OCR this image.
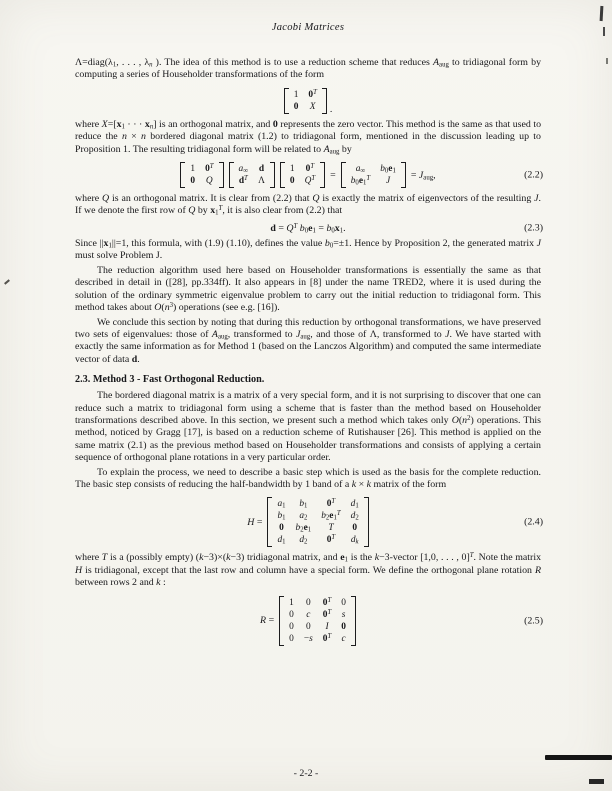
Jacobi Matrices

$\Lambda=diag(\lambda_1$, . . . , $\lambda_n$ ). The idea of this method is to use a reduction scheme that reduces $A_{aug}$ to tridiagonal form by computing a series of Householder transformations of the form

1 $0^T$
0 X .

where $X=[x_1$ · · · $x_n$] is an orthogonal matrix, and 0 represents the zero vector. This method is the same as that used to reduce the n × n bordered diagonal matrix (1.2) to tridiagonal form, mentioned in the discussion leading up to Proposition 1. The resulting tridiagonal form will be related to $A_{aug}$ by

1 $0^T$
0 Q
$a_\infty$ d
$d^T$ Λ
1 $0^T$
0 $Q^T$ =
$a_\infty$ $b_0e_1$
$b_0e_1^T$ J
= $J_{aug}$,	(2.2)

where Q is an orthogonal matrix. It is clear from (2.2) that Q is exactly the matrix of eigenvectors of the resulting J. If we denote the first row of Q by $x_1^T$, it is also clear from (2.2) that

$d = Q^T$ $b_0e_1 = b_0x_1$.	(2.3)

Since $||x_1||=1$, this formula, with (1.9) (1.10), defines the value $b_0=\pm 1$. Hence by Proposition 2, the generated matrix J must solve Problem J.

The reduction algorithm used here based on Householder transformations is essentially the same as that described in detail in ([28], pp.334ff). It also appears in [8] under the name TRED2, where it is used during the solution of the ordinary symmetric eigenvalue problem to carry out the initial reduction to tridiagonal form. This method takes about $O(n^3)$ operations (see e.g. [16]).

We conclude this section by noting that during this reduction by orthogonal transformations, we have preserved two sets of eigenvalues: those of $A_{aug}$, transformed to $J_{aug}$, and those of Λ, transformed to J. We have started with exactly the same information as for Method 1 (based on the Lanczos Algorithm) and computed the same intermediate vector of data d.

2.3. Method 3 - Fast Orthogonal Reduction.

The bordered diagonal matrix is a matrix of a very special form, and it is not surprising to discover that one can reduce such a matrix to tridiagonal form using a scheme that is faster than the method based on Householder transformations described above. In this section, we present such a method which takes only $O(n^2)$ operations. This method, noticed by Gragg [17], is based on a reduction scheme of Rutishauser [26]. This method is applied on the same matrix (2.1) as the previous method based on Householder transformations and consists of applying a certain sequence of orthogonal plane rotations in a very particular order.

To explain the process, we need to describe a basic step which is used as the basis for the complete reduction. The basic step consists of reducing the half-bandwidth by 1 band of a k × k matrix of the form

H =
$a_1$ $b_1$ $0^T$ $d_1$
$b_1$ $a_2$ $b_2e_1^T$ $d_2$
0 $b_2e_1$ T 0
$d_1$ $d_2$ $0^T$ $d_k$
(2.4)

where T is a (possibly empty) (k−3)×(k−3) tridiagonal matrix, and $e_1$ is the k−3-vector [1,0, . . . , 0]$^T$. Note the matrix H is tridiagonal, except that the last row and column have a special form. We define the orthogonal plane rotation R between rows 2 and k :

R =
1 0 $0^T$ 0
0 c $0^T$ s
0 0 I 0
0 −s $0^T$ c
(2.5)
- 2-2 -
